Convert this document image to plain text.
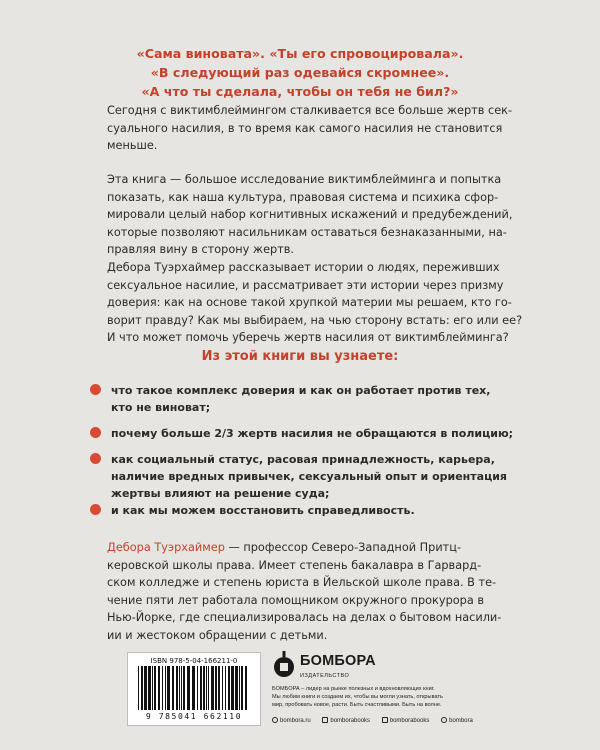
«Сама виновата». «Ты его спровоцировала».
«В следующий раз одевайся скромнее».
«А что ты сделала, чтобы он тебя не бил?»

Сегодня с виктимблеймингом сталкивается все больше жертв сек-
суального насилия, в то время как самого насилия не становится
меньше.

Эта книга — большое исследование виктимблейминга и попытка
показать, как наша культура, правовая система и психика сфор-
мировали целый набор когнитивных искажений и предубеждений,
которые позволяют насильникам оставаться безнаказанными, на-
правляя вину в сторону жертв.

Дебора Туэрхаймер рассказывает истории о людях, переживших
сексуальное насилие, и рассматривает эти истории через призму
доверия: как на основе такой хрупкой материи мы решаем, кто го-
ворит правду? Как мы выбираем, на чью сторону встать: его или ее?
И что может помочь уберечь жертв насилия от виктимблейминга?

Из этой книги вы узнаете:
что такое комплекс доверия и как он работает против тех,
кто не виноват;
почему больше 2/3 жертв насилия не обращаются в полицию;
как социальный статус, расовая принадлежность, карьера,
наличие вредных привычек, сексуальный опыт и ориентация
жертвы влияют на решение суда;
и как мы можем восстановить справедливость.
Дебора Туэрхаймер — профессор Северо-Западной Притц-
керовской школы права. Имеет степень бакалавра в Гарвард-
ском колледже и степень юриста в Йельской школе права. В те-
чение пяти лет работала помощником окружного прокурора в
Нью-Йорке, где специализировалась на делах о бытовом насили-
ии и жестоком обращении с детьми.
ISBN 978-5-04-166211-0
9 785041 662110
БОМБОРА
ИЗДАТЕЛЬСТВО
БОМБОРА – лидер на рынке полезных и вдохновляющих книг.
Мы любим книги и создаем их, чтобы вы могли узнать, открывать
мир, пробовать новое, расти. Быть счастливыми. Быть на волне.
bombora.ru	bomborabooks	bomborabooks	bombora
